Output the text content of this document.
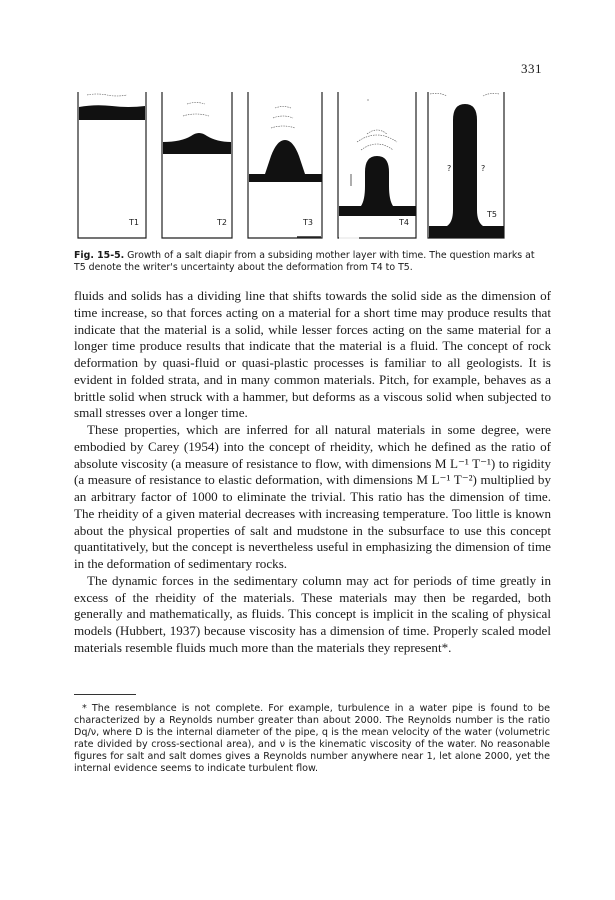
331
T1	T2	T3	T4
?	?
T5
Fig. 15-5. Growth of a salt diapir from a subsiding mother layer with time. The question marks at T5 denote the writer's uncertainty about the deformation from T4 to T5.

fluids and solids has a dividing line that shifts towards the solid side as the dimension of time increase, so that forces acting on a material for a short time may produce results that indicate that the material is a solid, while lesser forces acting on the same material for a longer time produce results that indicate that the material is a fluid. The concept of rock deformation by quasi-fluid or quasi-plastic processes is familiar to all geologists. It is evident in folded strata, and in many common materials. Pitch, for example, behaves as a brittle solid when struck with a hammer, but deforms as a viscous solid when subjected to small stresses over a longer time.

These properties, which are inferred for all natural materials in some degree, were embodied by Carey (1954) into the concept of rheidity, which he defined as the ratio of absolute viscosity (a measure of resistance to flow, with dimensions M L⁻¹ T⁻¹) to rigidity (a measure of resistance to elastic deformation, with dimensions M L⁻¹ T⁻²) multiplied by an arbitrary factor of 1000 to eliminate the trivial. This ratio has the dimension of time. The rheidity of a given material decreases with increasing temperature. Too little is known about the physical properties of salt and mudstone in the subsurface to use this concept quantitatively, but the concept is nevertheless useful in emphasizing the dimension of time in the deformation of sedimentary rocks.

The dynamic forces in the sedimentary column may act for periods of time greatly in excess of the rheidity of the materials. These materials may then be regarded, both generally and mathematically, as fluids. This concept is implicit in the scaling of physical models (Hubbert, 1937) because viscosity has a dimension of time. Properly scaled model materials resemble fluids much more than the materials they represent*.

* The resemblance is not complete. For example, turbulence in a water pipe is found to be characterized by a Reynolds number greater than about 2000. The Reynolds number is the ratio Dq/ν, where D is the internal diameter of the pipe, q is the mean velocity of the water (volumetric rate divided by cross-sectional area), and ν is the kinematic viscosity of the water. No reasonable figures for salt and salt domes gives a Reynolds number anywhere near 1, let alone 2000, yet the internal evidence seems to indicate turbulent flow.
